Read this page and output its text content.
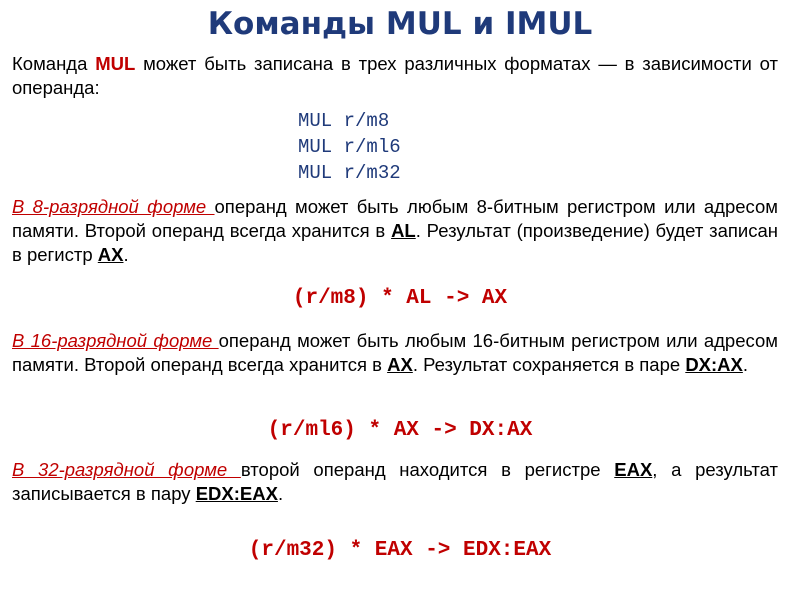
Команды MUL и IMUL
Команда MUL может быть записана в трех различных форматах — в зависимости от операнда:
MUL r/m8
MUL r/ml6
MUL r/m32
В 8-разрядной форме операнд может быть любым 8-битным регистром или адресом памяти. Второй операнд всегда хранится в AL. Результат (произведение) будет записан в регистр AX.
(r/m8) * AL -> AX
В 16-разрядной форме операнд может быть любым 16-битным регистром или адресом памяти. Второй операнд всегда хранится в AX. Результат сохраняется в паре DX:AX.
(r/ml6) * AX -> DX:AX
В 32-разрядной форме второй операнд находится в регистре EAX, а результат записывается в пару EDX:EAX.
(r/m32) * EAX -> EDX:EAX
